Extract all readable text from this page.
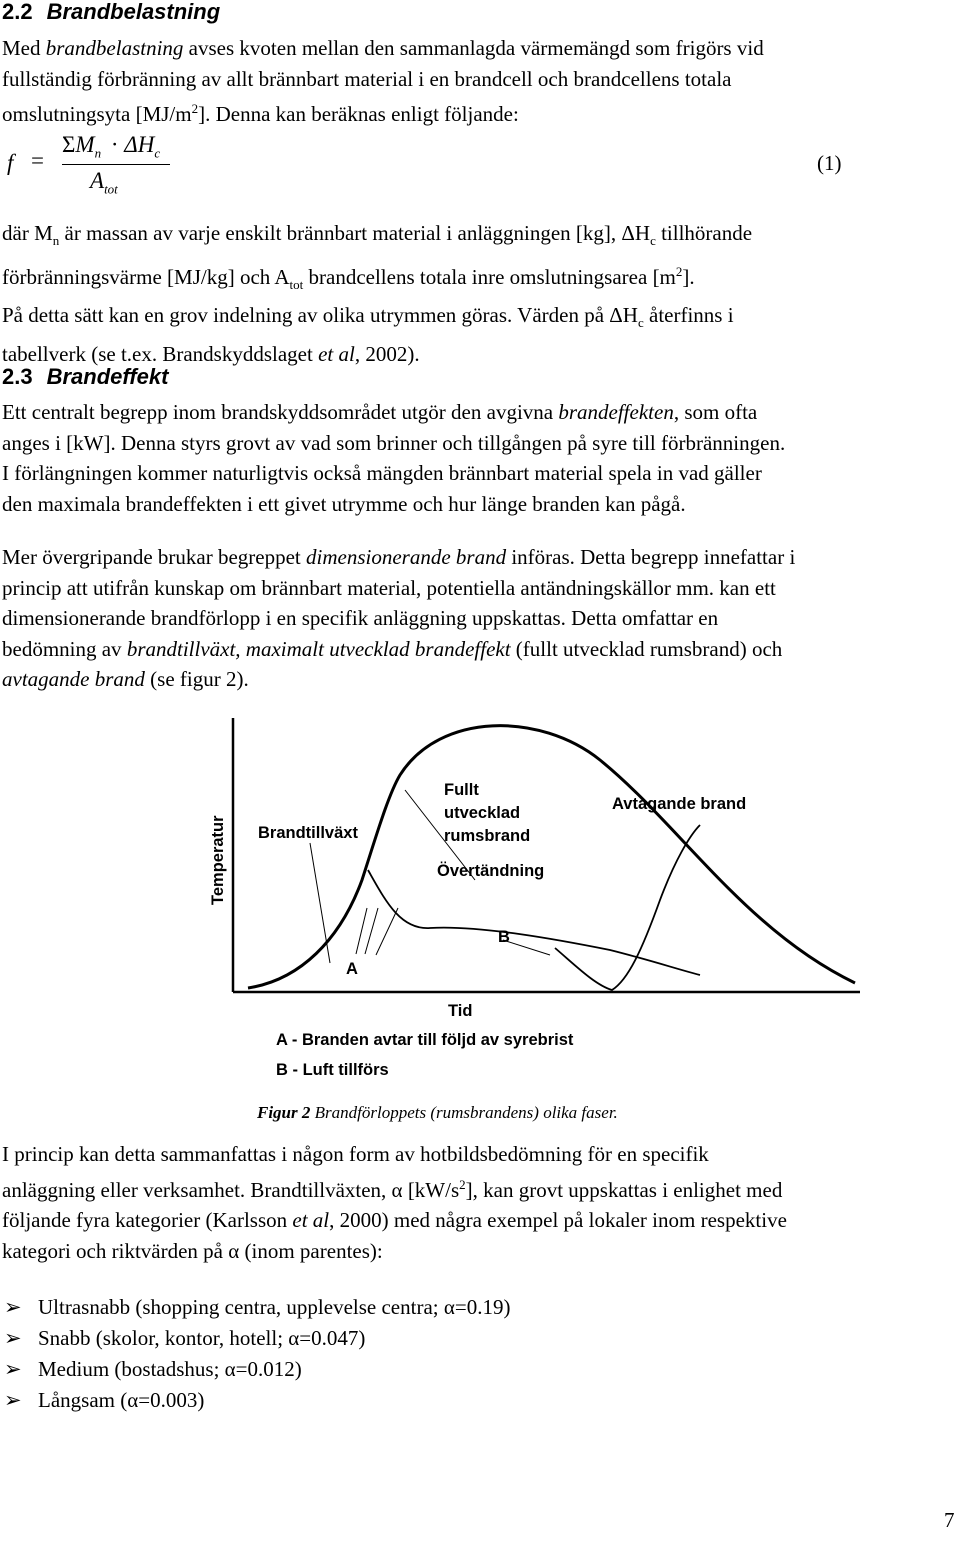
2.2 Brandbelastning

Med brandbelastning avses kvoten mellan den sammanlagda värmemängd som frigörs vid

fullständig förbränning av allt brännbart material i en brandcell och brandcellens totala

omslutningsyta $[MJ/m^2]$. Denna kan beräknas enligt följande:

f =
$\Sigma M_n \cdot \Delta H_c$
$A_{tot}$
(1)

där $M_n$ är massan av varje enskilt brännbart material i anläggningen [kg], $\Delta H_c$ tillhörande

förbränningsvärme [MJ/kg] och $A_{tot}$ brandcellens totala inre omslutningsarea $[m^2]$.

På detta sätt kan en grov indelning av olika utrymmen göras. Värden på $\Delta H_c$ återfinns i

tabellverk (se t.ex. Brandskyddslaget et al, 2002).

2.3 Brandeffekt

Ett centralt begrepp inom brandskyddsområdet utgör den avgivna brandeffekten, som ofta

anges i [kW]. Denna styrs grovt av vad som brinner och tillgången på syre till förbränningen.

I förlängningen kommer naturligtvis också mängden brännbart material spela in vad gäller

den maximala brandeffekten i ett givet utrymme och hur länge branden kan pågå.

Mer övergripande brukar begreppet dimensionerande brand införas. Detta begrepp innefattar i

princip att utifrån kunskap om brännbart material, potentiella antändningskällor mm. kan ett

dimensionerande brandförlopp i en specifik anläggning uppskattas. Detta omfattar en

bedömning av brandtillväxt, maximalt utvecklad brandeffekt (fullt utvecklad rumsbrand) och

avtagande brand (se figur 2).

Temperatur Brandtillväxt
Fullt
utvecklad
rumsbrand
Avtagande brand
Övertändning
A
B
Tid
A - Branden avtar till följd av syrebrist
B - Luft tillförs
Figur 2 Brandförloppets (rumsbrandens) olika faser.

I princip kan detta sammanfattas i någon form av hotbildsbedömning för en specifik

anläggning eller verksamhet. Brandtillväxten, α $[kW/s^2]$, kan grovt uppskattas i enlighet med

följande fyra kategorier (Karlsson et al, 2000) med några exempel på lokaler inom respektive

kategori och riktvärden på α (inom parentes):

➢ Ultrasnabb (shopping centra, upplevelse centra; α=0.19)
➢ Snabb (skolor, kontor, hotell; α=0.047)
➢ Medium (bostadshus; α=0.012)
➢ Långsam (α=0.003)
7
